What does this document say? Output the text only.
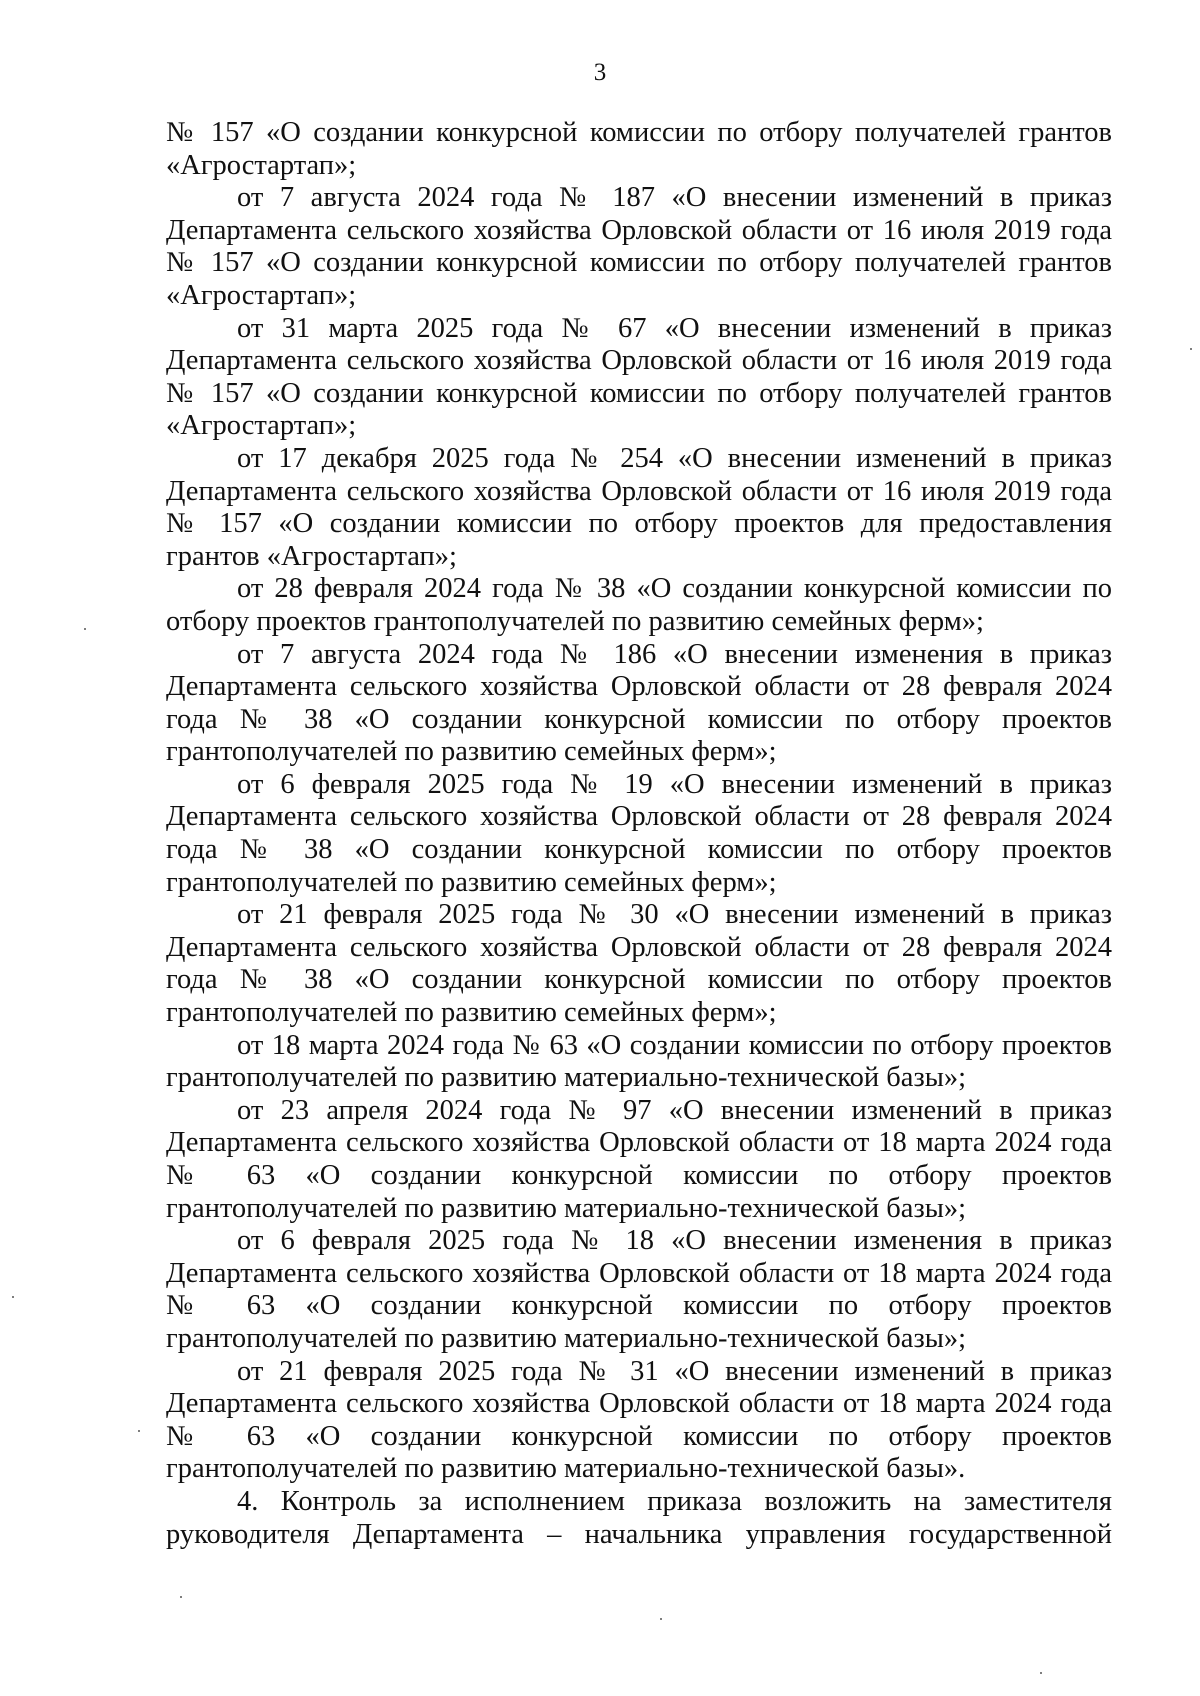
3

№ 157 «О создании конкурсной комиссии по отбору получателей грантов «Агростартап»;

от 7 августа 2024 года № 187 «О внесении изменений в приказ Департамента сельского хозяйства Орловской области от 16 июля 2019 года № 157 «О создании конкурсной комиссии по отбору получателей грантов «Агростартап»;

от 31 марта 2025 года № 67 «О внесении изменений в приказ Департамента сельского хозяйства Орловской области от 16 июля 2019 года № 157 «О создании конкурсной комиссии по отбору получателей грантов «Агростартап»;

от 17 декабря 2025 года № 254 «О внесении изменений в приказ Департамента сельского хозяйства Орловской области от 16 июля 2019 года № 157 «О создании комиссии по отбору проектов для предоставления грантов «Агростартап»;

от 28 февраля 2024 года № 38 «О создании конкурсной комиссии по отбору проектов грантополучателей по развитию семейных ферм»;

от 7 августа 2024 года № 186 «О внесении изменения в приказ Департамента сельского хозяйства Орловской области от 28 февраля 2024 года № 38 «О создании конкурсной комиссии по отбору проектов грантополучателей по развитию семейных ферм»;

от 6 февраля 2025 года № 19 «О внесении изменений в приказ Департамента сельского хозяйства Орловской области от 28 февраля 2024 года № 38 «О создании конкурсной комиссии по отбору проектов грантополучателей по развитию семейных ферм»;

от 21 февраля 2025 года № 30 «О внесении изменений в приказ Департамента сельского хозяйства Орловской области от 28 февраля 2024 года № 38 «О создании конкурсной комиссии по отбору проектов грантополучателей по развитию семейных ферм»;

от 18 марта 2024 года № 63 «О создании комиссии по отбору проектов грантополучателей по развитию материально-технической базы»;

от 23 апреля 2024 года № 97 «О внесении изменений в приказ Департамента сельского хозяйства Орловской области от 18 марта 2024 года № 63 «О создании конкурсной комиссии по отбору проектов грантополучателей по развитию материально-технической базы»;

от 6 февраля 2025 года № 18 «О внесении изменения в приказ Департамента сельского хозяйства Орловской области от 18 марта 2024 года № 63 «О создании конкурсной комиссии по отбору проектов грантополучателей по развитию материально-технической базы»;

от 21 февраля 2025 года № 31 «О внесении изменений в приказ Департамента сельского хозяйства Орловской области от 18 марта 2024 года № 63 «О создании конкурсной комиссии по отбору проектов грантополучателей по развитию материально-технической базы».

4. Контроль за исполнением приказа возложить на заместителя руководителя Департамента – начальника управления государственной
